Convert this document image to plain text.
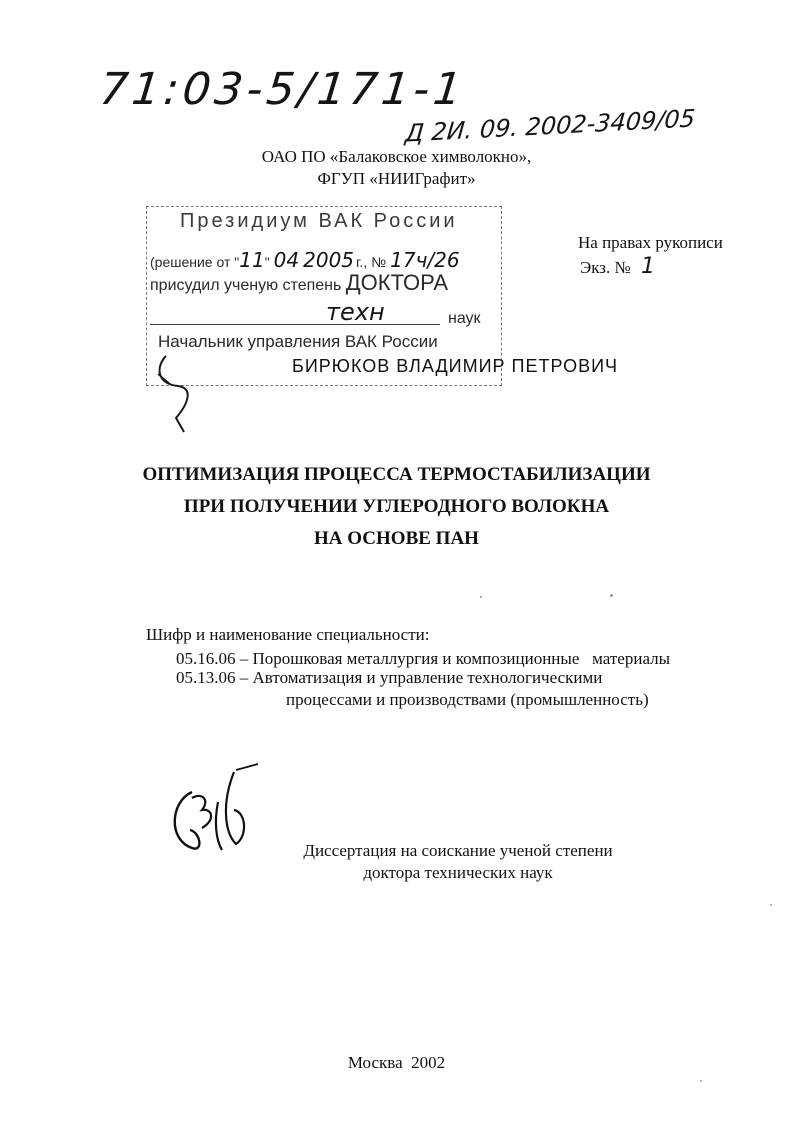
71:03-5/171-1
Д 2И. 09. 2002-3409/05
ОАО ПО «Балаковское химволокно»,
ФГУП «НИИГрафит»
На правах рукописи
Экз. № 1
Президиум ВАК России
(решение от "11" 04 2005 г., № 17ч/26
присудил ученую степень ДОКТОРА
техн	наук
Начальник управления ВАК России
БИРЮКОВ ВЛАДИМИР ПЕТРОВИЧ
ОПТИМИЗАЦИЯ ПРОЦЕССА ТЕРМОСТАБИЛИЗАЦИИ
ПРИ ПОЛУЧЕНИИ УГЛЕРОДНОГО ВОЛОКНА
НА ОСНОВЕ ПАН
Шифр и наименование специальности:
05.16.06 – Порошковая металлургия и композиционные   материалы
05.13.06 – Автоматизация и управление технологическими
процессами и производствами (промышленность)
Диссертация на соискание ученой степени
доктора технических наук
Москва  2002
